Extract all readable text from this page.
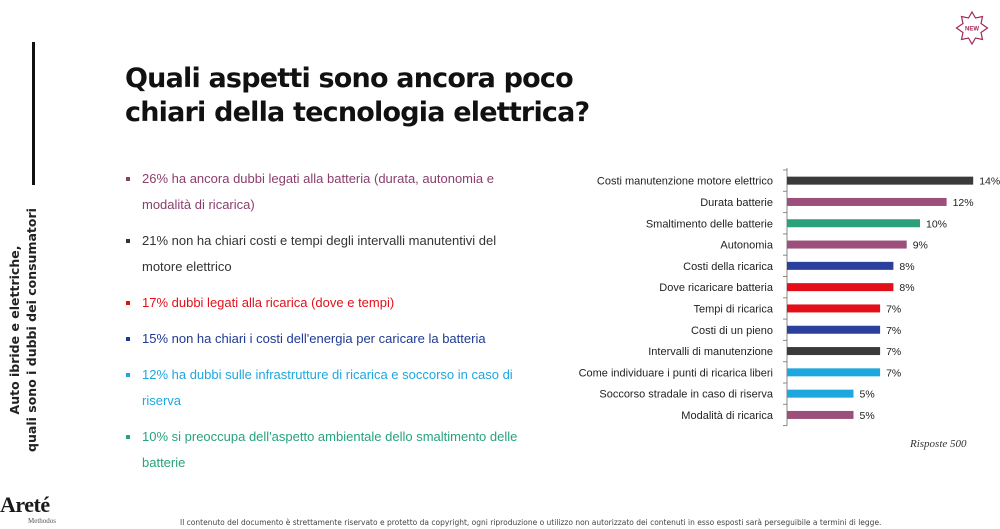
Auto ibride e elettriche, quali sono i dubbi dei consumatori
NEW
Quali aspetti sono ancora poco chiari della tecnologia elettrica?
26% ha ancora dubbi legati alla batteria (durata, autonomia e modalità di ricarica)
21% non ha chiari costi e tempi degli intervalli manutentivi del motore elettrico
17% dubbi legati alla ricarica (dove e tempi)
15% non ha chiari i costi dell'energia per caricare la batteria
12% ha dubbi sulle infrastrutture di ricarica e soccorso in caso di riserva
10% si preoccupa dell'aspetto ambientale dello smaltimento delle batterie
Costi manutenzione motore elettrico	14%
Durata batterie	12%
Smaltimento delle batterie	10%
Autonomia	9%
Costi della ricarica	8%
Dove ricaricare batteria	8%
Tempi di ricarica	7%
Costi di un pieno	7%
Intervalli di manutenzione	7%
Come individuare i punti di ricarica liberi	7%
Soccorso stradale in caso di riserva	5%
Modalità di ricarica	5%
Risposte 500
Areté
Methodos	Il contenuto del documento è strettamente riservato e protetto da copyright, ogni riproduzione o utilizzo non autorizzato dei contenuti in esso esposti sarà perseguibile a termini di legge.
